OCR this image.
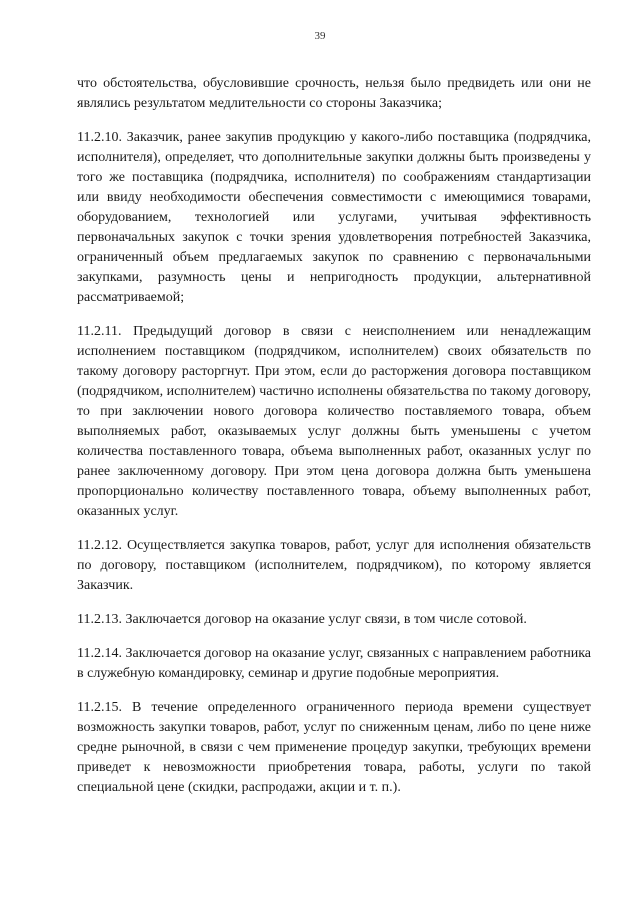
39

что обстоятельства, обусловившие срочность, нельзя было предвидеть или они не являлись результатом медлительности со стороны Заказчика;

11.2.10. Заказчик, ранее закупив продукцию у какого-либо поставщика (подрядчика, исполнителя), определяет, что дополнительные закупки должны быть произведены у того же поставщика (подрядчика, исполнителя) по соображениям стандартизации или ввиду необходимости обеспечения совместимости с имеющимися товарами, оборудованием, технологией или услугами, учитывая эффективность первоначальных закупок с точки зрения удовлетворения потребностей Заказчика, ограниченный объем предлагаемых закупок по сравнению с первоначальными закупками, разумность цены и непригодность продукции, альтернативной рассматриваемой;

11.2.11. Предыдущий договор в связи с неисполнением или ненадлежащим исполнением поставщиком (подрядчиком, исполнителем) своих обязательств по такому договору расторгнут. При этом, если до расторжения договора поставщиком (подрядчиком, исполнителем) частично исполнены обязательства по такому договору, то при заключении нового договора количество поставляемого товара, объем выполняемых работ, оказываемых услуг должны быть уменьшены с учетом количества поставленного товара, объема выполненных работ, оказанных услуг по ранее заключенному договору. При этом цена договора должна быть уменьшена пропорционально количеству поставленного товара, объему выполненных работ, оказанных услуг.

11.2.12. Осуществляется закупка товаров, работ, услуг для исполнения обязательств по договору, поставщиком (исполнителем, подрядчиком), по которому является Заказчик.

11.2.13. Заключается договор на оказание услуг связи, в том числе сотовой.

11.2.14. Заключается договор на оказание услуг, связанных с направлением работника в служебную командировку, семинар и другие подобные мероприятия.

11.2.15. В течение определенного ограниченного периода времени существует возможность закупки товаров, работ, услуг по сниженным ценам, либо по цене ниже средне рыночной, в связи с чем применение процедур закупки, требующих времени приведет к невозможности приобретения товара, работы, услуги по такой специальной цене (скидки, распродажи, акции и т. п.).
